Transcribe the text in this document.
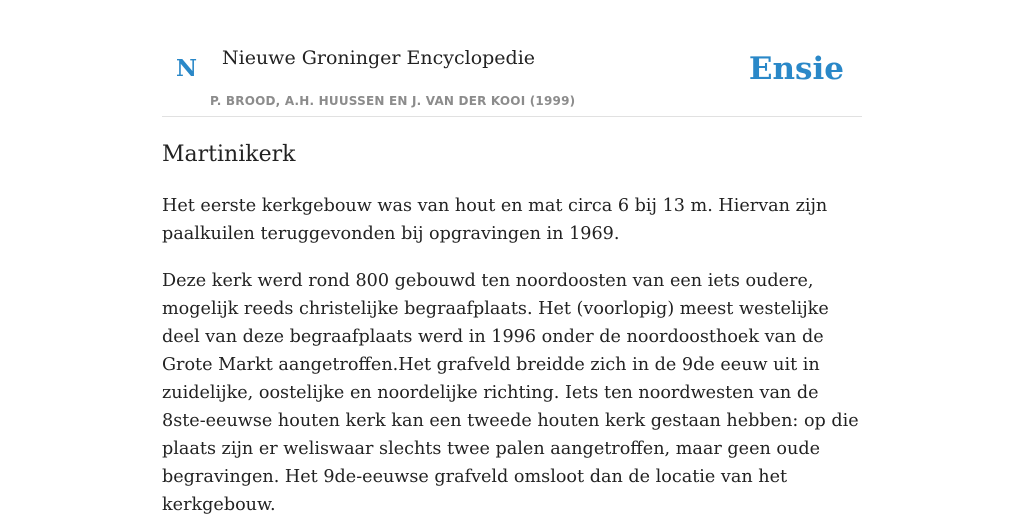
N Nieuwe Groninger Encyclopedie
P. BROOD, A.H. HUUSSEN EN J. VAN DER KOOI (1999)
Ensie
Martinikerk

Het eerste kerkgebouw was van hout en mat circa 6 bij 13 m. Hiervan zijn paalkuilen teruggevonden bij opgravingen in 1969.

Deze kerk werd rond 800 gebouwd ten noordoosten van een iets oudere, mogelijk reeds christelijke begraafplaats. Het (voorlopig) meest westelijke deel van deze begraafplaats werd in 1996 onder de noordoosthoek van de Grote Markt aangetroffen.Het grafveld breidde zich in de 9de eeuw uit in zuidelijke, oostelijke en noordelijke richting. Iets ten noordwesten van de 8ste-eeuwse houten kerk kan een tweede houten kerk gestaan hebben: op die plaats zijn er weliswaar slechts twee palen aangetroffen, maar geen oude begravingen. Het 9de-eeuwse grafveld omsloot dan de locatie van het kerkgebouw.
